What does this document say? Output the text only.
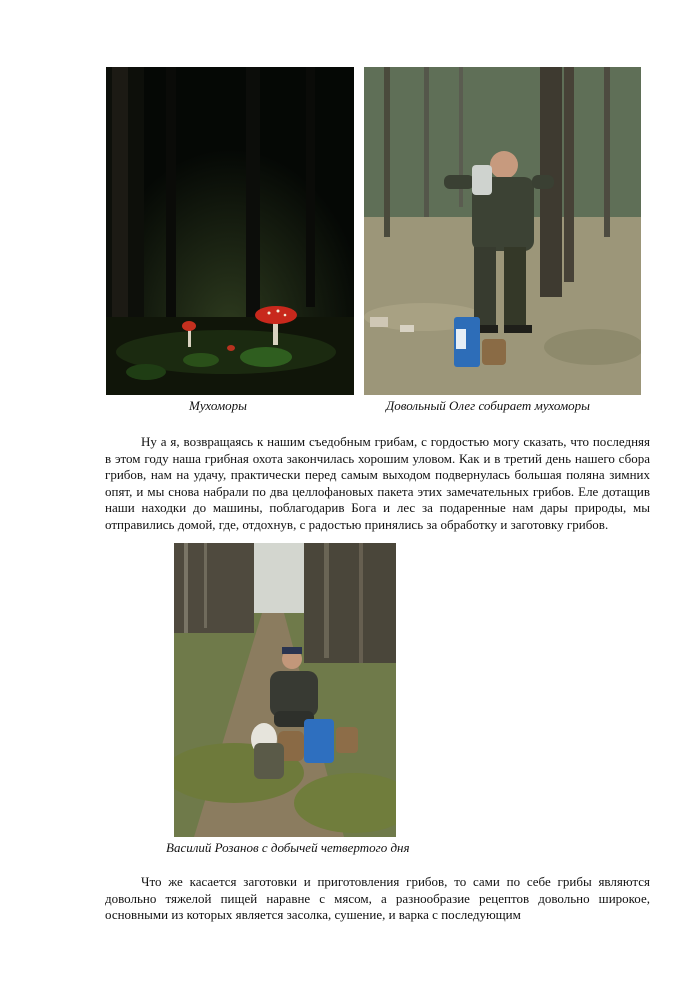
Мухоморы	Довольный Олег собирает мухоморы

Ну а я, возвращаясь к нашим съедобным грибам, с гордостью могу сказать, что последняя в этом году наша грибная охота закончилась хорошим уловом. Как и в третий день нашего сбора грибов, нам на удачу, практически перед самым выходом подвернулась большая поляна зимних опят, и мы снова набрали по два целлофановых пакета этих замечательных грибов. Еле дотащив наши находки до машины, поблагодарив Бога и лес за подаренные нам дары природы, мы отправились домой, где, отдохнув, с радостью принялись за обработку и заготовку грибов.

Василий Розанов с добычей четвертого дня

Что же касается заготовки и приготовления грибов, то сами по себе грибы являются довольно тяжелой пищей наравне с мясом, а разнообразие рецептов довольно широкое, основными из которых является засолка, сушение, и варка с последующим
